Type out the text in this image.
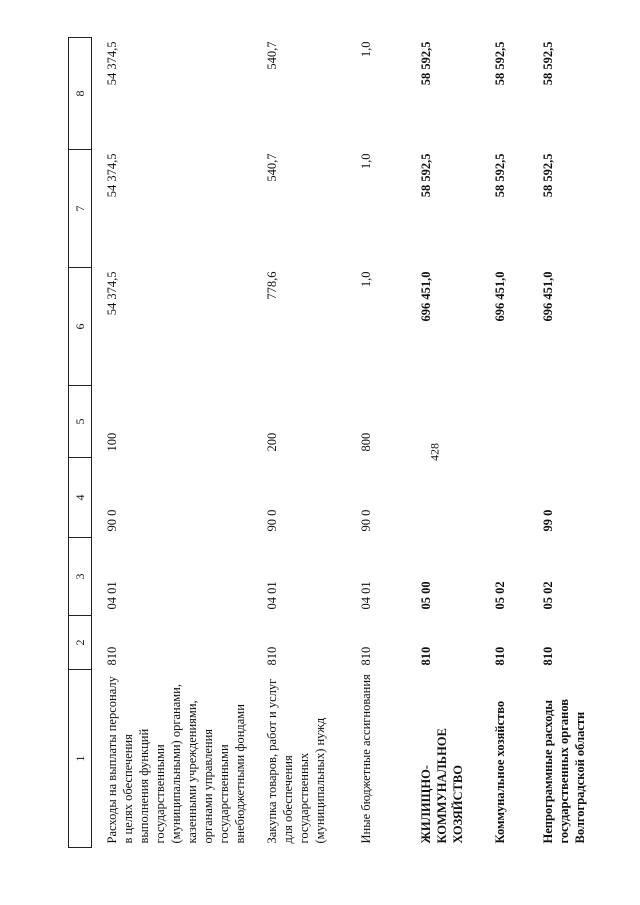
428
1	2	3	4	5	6	7	8
Расходы на выплаты персоналу в целях обеспечения выполнения функций государственными (муниципальными) органами, казенными учреждениями, органами управления государственными внебюджетными фондами	810	04 01	90 0	100	54 374,5	54 374,5	54 374,5
Закупка товаров, работ и услуг для обеспечения государственных (муниципальных) нужд	810	04 01	90 0	200	778,6	540,7	540,7
Иные бюджетные ассигнования	810	04 01	90 0	800	1,0	1,0	1,0
ЖИЛИЩНО-КОММУНАЛЬНОЕ ХОЗЯЙСТВО	810	05 00			696 451,0	58 592,5	58 592,5
Коммунальное хозяйство	810	05 02			696 451,0	58 592,5	58 592,5
Непрограммные расходы государственных органов Волгоградской области	810	05 02	99 0		696 451,0	58 592,5	58 592,5
